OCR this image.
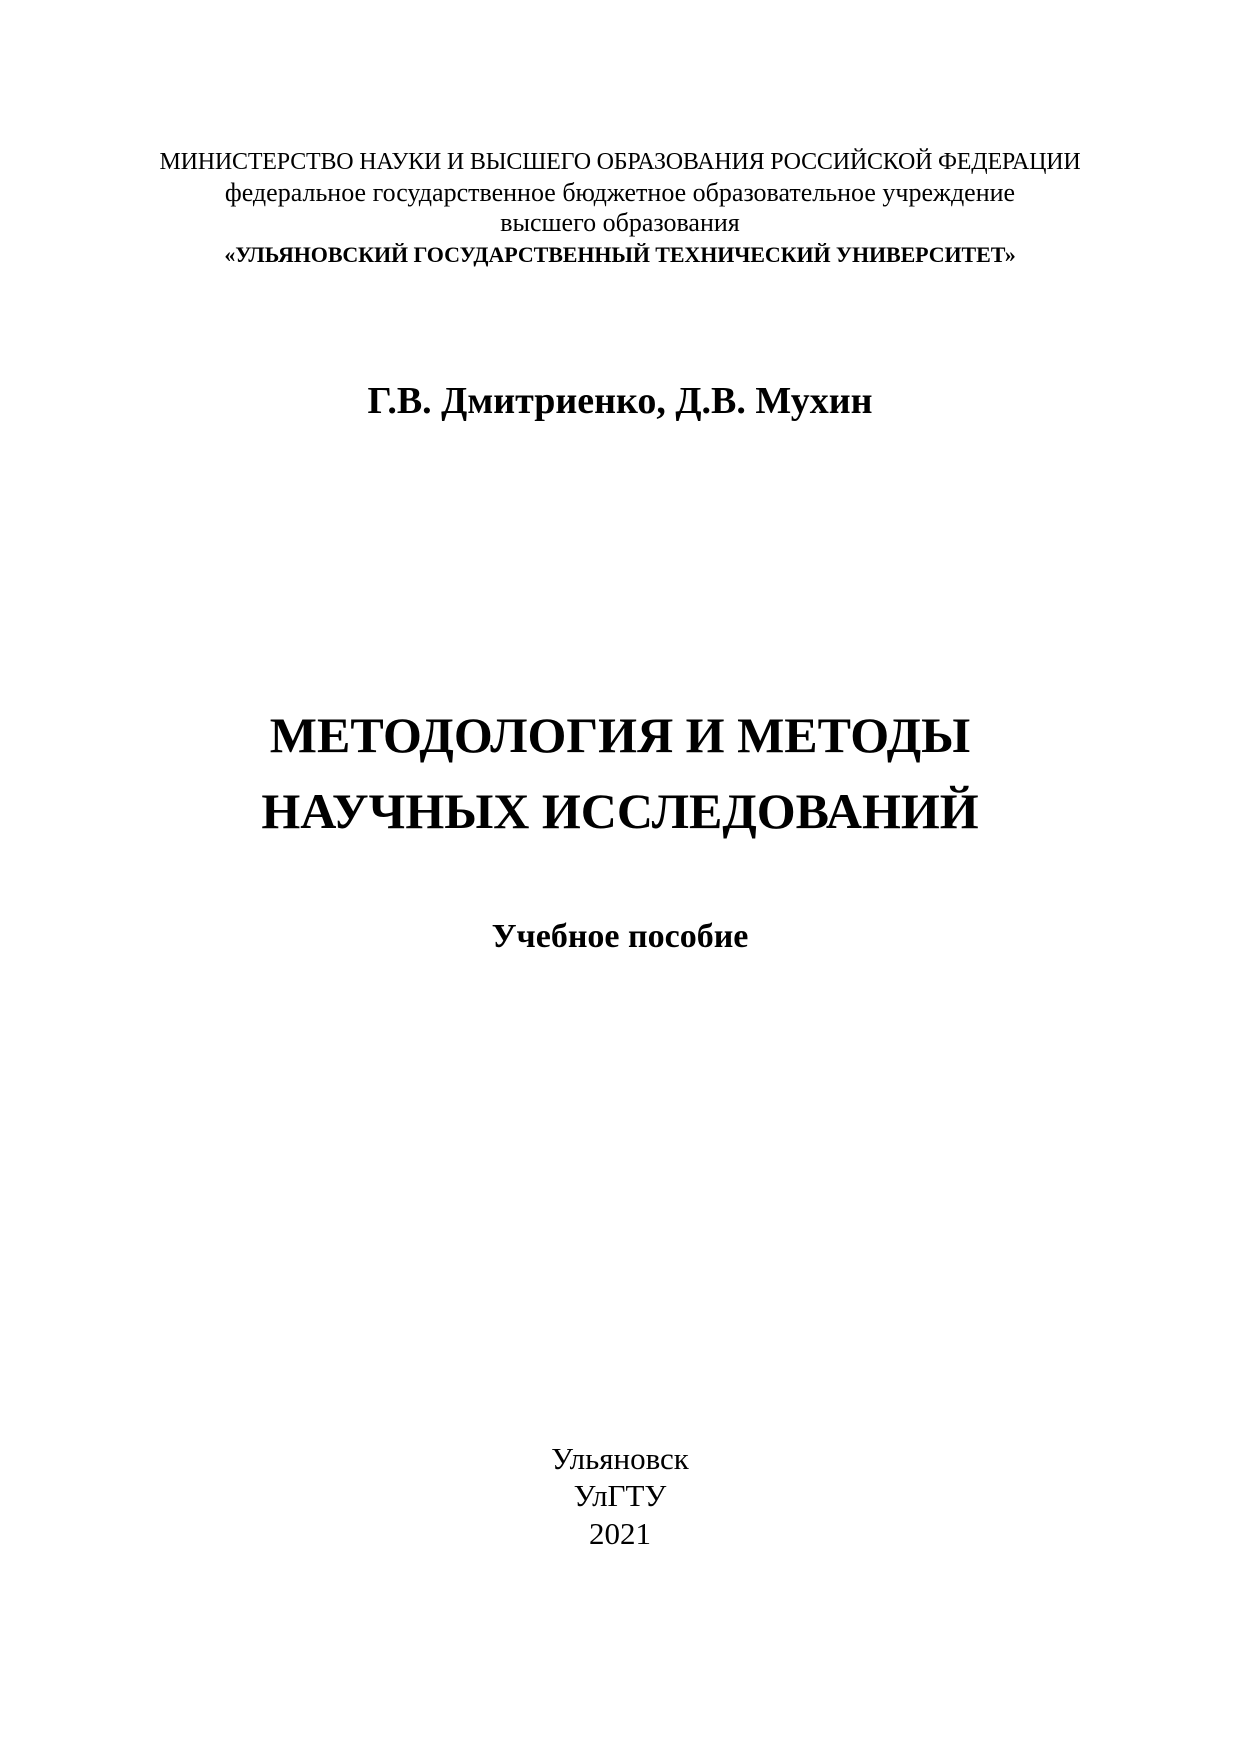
МИНИСТЕРСТВО НАУКИ И ВЫСШЕГО ОБРАЗОВАНИЯ РОССИЙСКОЙ ФЕДЕРАЦИИ
федеральное государственное бюджетное образовательное учреждение
высшего образования
«УЛЬЯНОВСКИЙ ГОСУДАРСТВЕННЫЙ ТЕХНИЧЕСКИЙ УНИВЕРСИТЕТ»
Г.В. Дмитриенко, Д.В. Мухин
МЕТОДОЛОГИЯ И МЕТОДЫ
НАУЧНЫХ ИССЛЕДОВАНИЙ
Учебное пособие
Ульяновск
УлГТУ
2021
